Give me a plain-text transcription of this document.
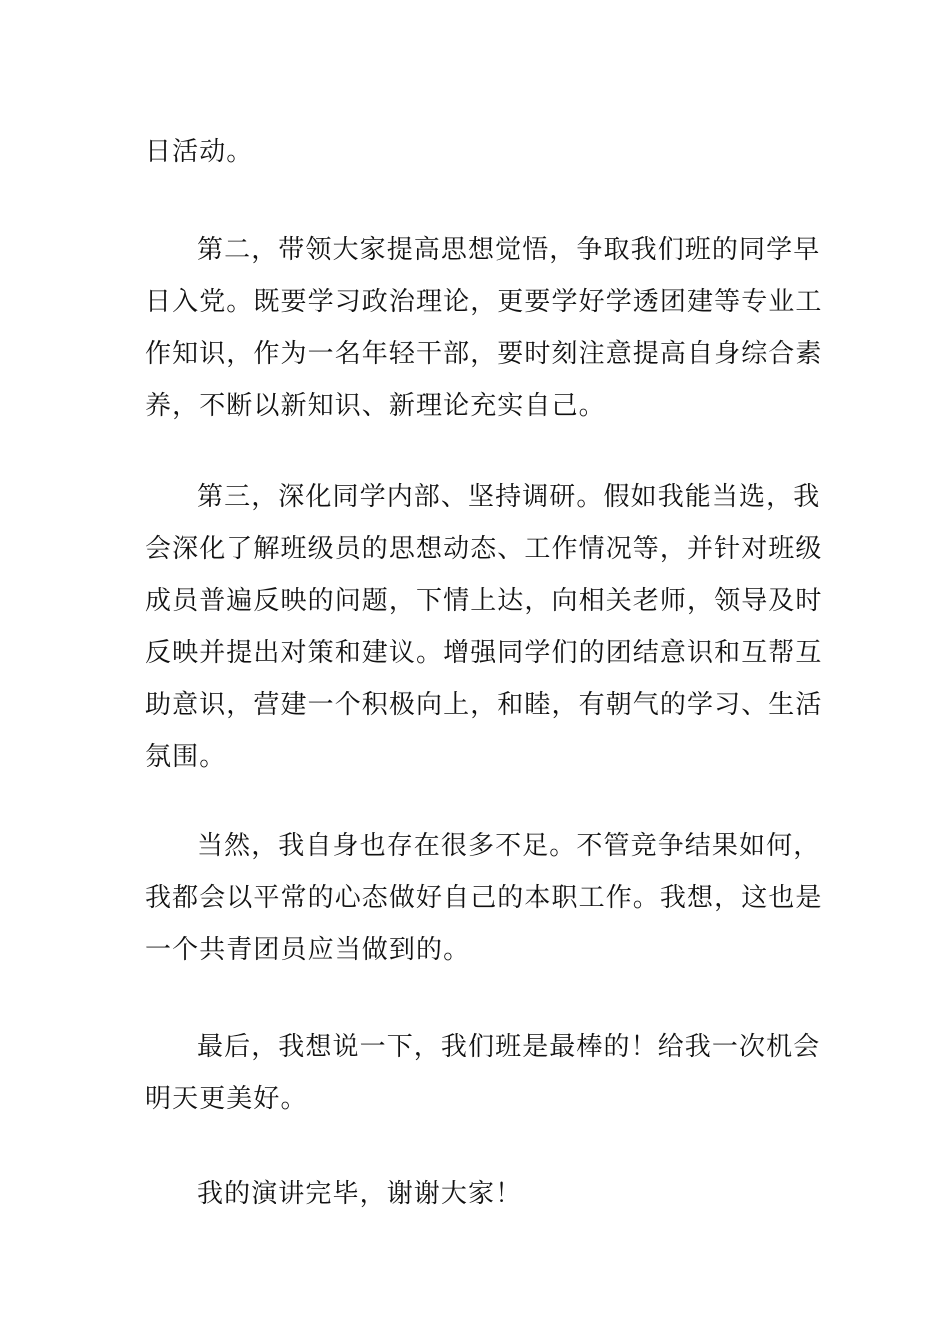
日活动。
第二，带领大家提高思想觉悟，争取我们班的同学早
日入党。既要学习政治理论，更要学好学透团建等专业工
作知识，作为一名年轻干部，要时刻注意提高自身综合素
养，不断以新知识、新理论充实自己。
第三，深化同学内部、坚持调研。假如我能当选，我
会深化了解班级员的思想动态、工作情况等，并针对班级
成员普遍反映的问题，下情上达，向相关老师，领导及时
反映并提出对策和建议。增强同学们的团结意识和互帮互
助意识，营建一个积极向上，和睦，有朝气的学习、生活
氛围。
当然，我自身也存在很多不足。不管竞争结果如何，
我都会以平常的心态做好自己的本职工作。我想，这也是
一个共青团员应当做到的。
最后，我想说一下，我们班是最棒的！给我一次机会
明天更美好。
我的演讲完毕，谢谢大家！
